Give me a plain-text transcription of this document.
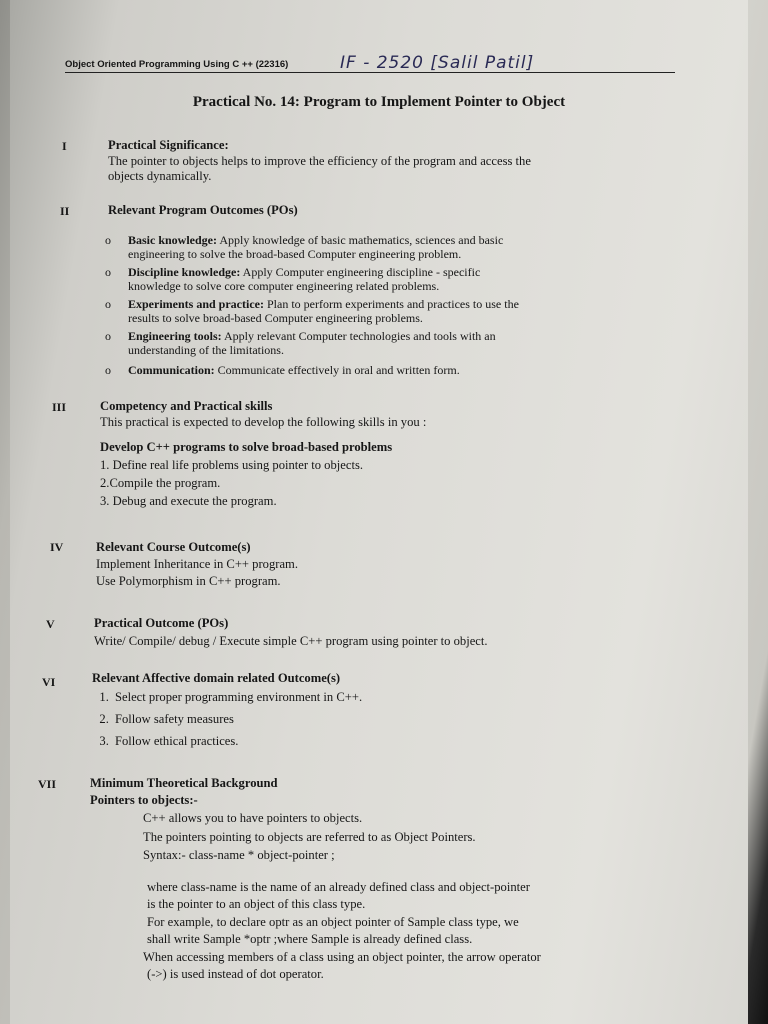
Object Oriented Programming Using C ++ (22316)	IF - 2520 [Salil Patil]
Practical No. 14: Program to Implement Pointer to Object
I	Practical Significance:
The pointer to objects helps to improve the efficiency of the program and access the
objects dynamically.
II	Relevant Program Outcomes (POs)
o Basic knowledge: Apply knowledge of basic mathematics, sciences and basic
engineering to solve the broad-based Computer engineering problem.
o Discipline knowledge: Apply Computer engineering discipline - specific
knowledge to solve core computer engineering related problems.
o Experiments and practice: Plan to perform experiments and practices to use the
results to solve broad-based Computer engineering problems.
o Engineering tools: Apply relevant Computer technologies and tools with an
understanding of the limitations.
o Communication: Communicate effectively in oral and written form.
III	Competency and Practical skills
This practical is expected to develop the following skills in you :
Develop C++ programs to solve broad-based problems
1. Define real life problems using pointer to objects.
2.Compile the program.
3. Debug and execute the program.
IV	Relevant Course Outcome(s)
Implement Inheritance in C++ program.
Use Polymorphism in C++ program.
V	Practical Outcome (POs)
Write/ Compile/ debug / Execute simple C++ program using pointer to object.
VI	Relevant Affective domain related Outcome(s)
1. Select proper programming environment in C++.
2. Follow safety measures
3. Follow ethical practices.
VII	Minimum Theoretical Background
Pointers to objects:-
C++ allows you to have pointers to objects.
The pointers pointing to objects are referred to as Object Pointers.
Syntax:- class-name * object-pointer ;
where class-name is the name of an already defined class and object-pointer
is the pointer to an object of this class type.
For example, to declare optr as an object pointer of Sample class type, we
shall write Sample *optr ;where Sample is already defined class.
When accessing members of a class using an object pointer, the arrow operator
(->) is used instead of dot operator.
